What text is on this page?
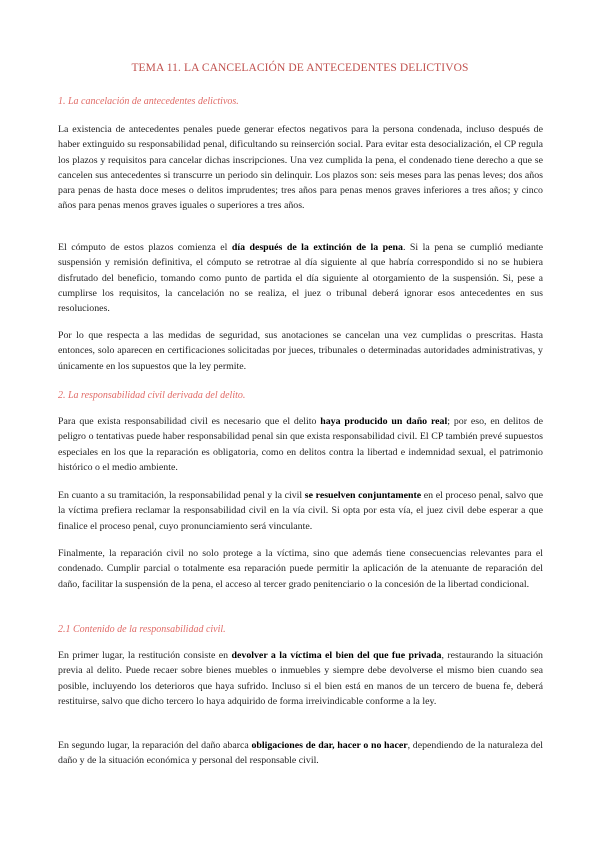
TEMA 11. LA CANCELACIÓN DE ANTECEDENTES DELICTIVOS
1. La cancelación de antecedentes delictivos.
La existencia de antecedentes penales puede generar efectos negativos para la persona condenada, incluso después de haber extinguido su responsabilidad penal, dificultando su reinserción social. Para evitar esta desocialización, el CP regula los plazos y requisitos para cancelar dichas inscripciones. Una vez cumplida la pena, el condenado tiene derecho a que se cancelen sus antecedentes si transcurre un periodo sin delinquir. Los plazos son: seis meses para las penas leves; dos años para penas de hasta doce meses o delitos imprudentes; tres años para penas menos graves inferiores a tres años; y cinco años para penas menos graves iguales o superiores a tres años.
El cómputo de estos plazos comienza el día después de la extinción de la pena. Si la pena se cumplió mediante suspensión y remisión definitiva, el cómputo se retrotrae al día siguiente al que habría correspondido si no se hubiera disfrutado del beneficio, tomando como punto de partida el día siguiente al otorgamiento de la suspensión. Si, pese a cumplirse los requisitos, la cancelación no se realiza, el juez o tribunal deberá ignorar esos antecedentes en sus resoluciones.
Por lo que respecta a las medidas de seguridad, sus anotaciones se cancelan una vez cumplidas o prescritas. Hasta entonces, solo aparecen en certificaciones solicitadas por jueces, tribunales o determinadas autoridades administrativas, y únicamente en los supuestos que la ley permite.
2. La responsabilidad civil derivada del delito.
Para que exista responsabilidad civil es necesario que el delito haya producido un daño real; por eso, en delitos de peligro o tentativas puede haber responsabilidad penal sin que exista responsabilidad civil. El CP también prevé supuestos especiales en los que la reparación es obligatoria, como en delitos contra la libertad e indemnidad sexual, el patrimonio histórico o el medio ambiente.
En cuanto a su tramitación, la responsabilidad penal y la civil se resuelven conjuntamente en el proceso penal, salvo que la víctima prefiera reclamar la responsabilidad civil en la vía civil. Si opta por esta vía, el juez civil debe esperar a que finalice el proceso penal, cuyo pronunciamiento será vinculante.
Finalmente, la reparación civil no solo protege a la víctima, sino que además tiene consecuencias relevantes para el condenado. Cumplir parcial o totalmente esa reparación puede permitir la aplicación de la atenuante de reparación del daño, facilitar la suspensión de la pena, el acceso al tercer grado penitenciario o la concesión de la libertad condicional.
2.1 Contenido de la responsabilidad civil.
En primer lugar, la restitución consiste en devolver a la víctima el bien del que fue privada, restaurando la situación previa al delito. Puede recaer sobre bienes muebles o inmuebles y siempre debe devolverse el mismo bien cuando sea posible, incluyendo los deterioros que haya sufrido. Incluso si el bien está en manos de un tercero de buena fe, deberá restituirse, salvo que dicho tercero lo haya adquirido de forma irreivindicable conforme a la ley.
En segundo lugar, la reparación del daño abarca obligaciones de dar, hacer o no hacer, dependiendo de la naturaleza del daño y de la situación económica y personal del responsable civil.
